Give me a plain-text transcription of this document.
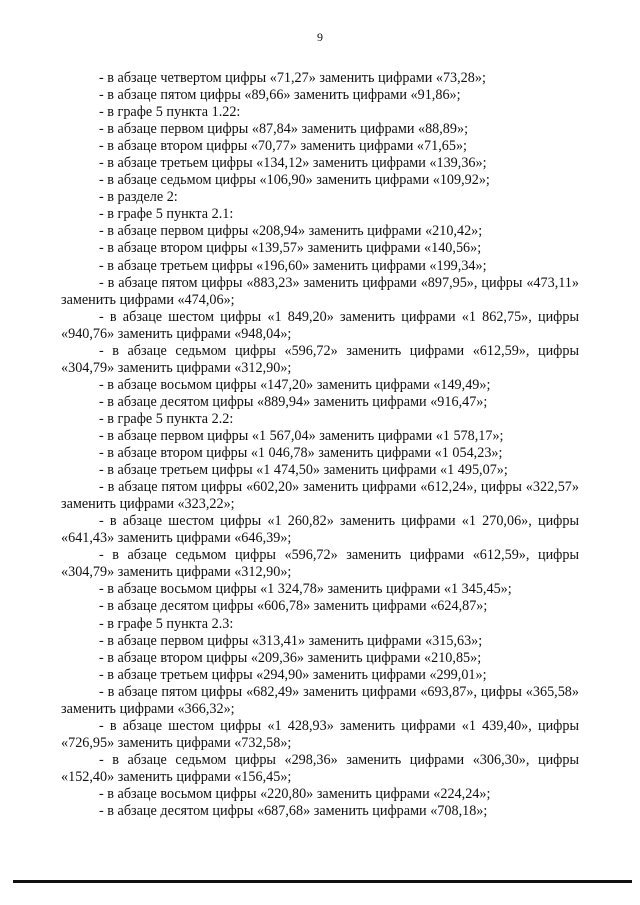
9
- в абзаце четвертом цифры «71,27» заменить цифрами «73,28»;
- в абзаце пятом цифры «89,66» заменить цифрами «91,86»;
- в графе 5 пункта 1.22:
- в абзаце первом цифры «87,84» заменить цифрами «88,89»;
- в абзаце втором цифры «70,77» заменить цифрами «71,65»;
- в абзаце третьем цифры «134,12» заменить цифрами «139,36»;
- в абзаце седьмом цифры «106,90» заменить цифрами «109,92»;
- в разделе 2:
- в графе 5 пункта 2.1:
- в абзаце первом цифры «208,94» заменить цифрами «210,42»;
- в абзаце втором цифры «139,57» заменить цифрами «140,56»;
- в абзаце третьем цифры «196,60» заменить цифрами «199,34»;
- в абзаце пятом цифры «883,23» заменить цифрами «897,95», цифры «473,11»
заменить цифрами «474,06»;
- в абзаце шестом цифры «1 849,20» заменить цифрами «1 862,75», цифры
«940,76» заменить цифрами «948,04»;
- в абзаце седьмом цифры «596,72» заменить цифрами «612,59», цифры
«304,79» заменить цифрами «312,90»;
- в абзаце восьмом цифры «147,20» заменить цифрами «149,49»;
- в абзаце десятом цифры «889,94» заменить цифрами «916,47»;
- в графе 5 пункта 2.2:
- в абзаце первом цифры «1 567,04» заменить цифрами «1 578,17»;
- в абзаце втором цифры «1 046,78» заменить цифрами «1 054,23»;
- в абзаце третьем цифры «1 474,50» заменить цифрами «1 495,07»;
- в абзаце пятом цифры «602,20» заменить цифрами «612,24», цифры «322,57»
заменить цифрами «323,22»;
- в абзаце шестом цифры «1 260,82» заменить цифрами «1 270,06», цифры
«641,43» заменить цифрами «646,39»;
- в абзаце седьмом цифры «596,72» заменить цифрами «612,59», цифры
«304,79» заменить цифрами «312,90»;
- в абзаце восьмом цифры «1 324,78» заменить цифрами «1 345,45»;
- в абзаце десятом цифры «606,78» заменить цифрами «624,87»;
- в графе 5 пункта 2.3:
- в абзаце первом цифры «313,41» заменить цифрами «315,63»;
- в абзаце втором цифры «209,36» заменить цифрами «210,85»;
- в абзаце третьем цифры «294,90» заменить цифрами «299,01»;
- в абзаце пятом цифры «682,49» заменить цифрами «693,87», цифры «365,58»
заменить цифрами «366,32»;
- в абзаце шестом цифры «1 428,93» заменить цифрами «1 439,40», цифры
«726,95» заменить цифрами «732,58»;
- в абзаце седьмом цифры «298,36» заменить цифрами «306,30», цифры
«152,40» заменить цифрами «156,45»;
- в абзаце восьмом цифры «220,80» заменить цифрами «224,24»;
- в абзаце десятом цифры «687,68» заменить цифрами «708,18»;
